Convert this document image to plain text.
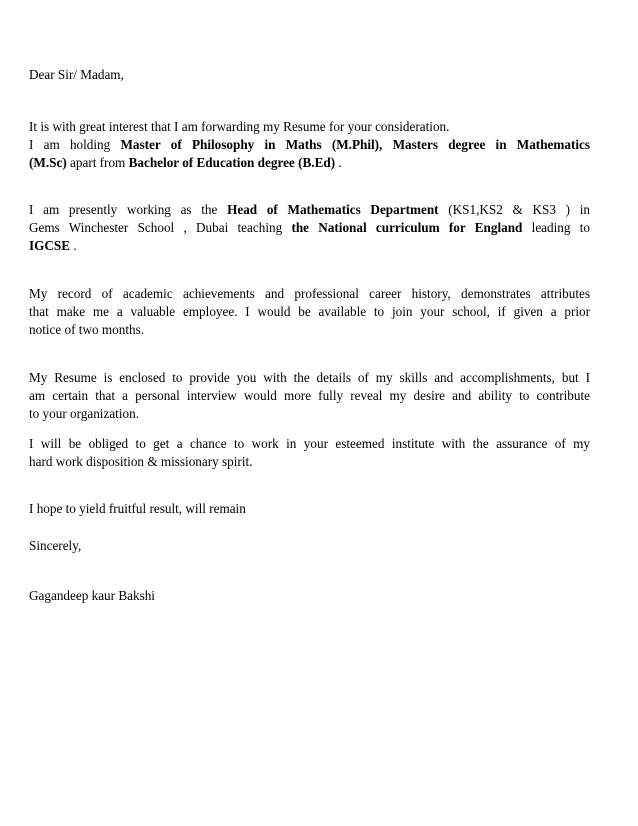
Dear Sir/ Madam,
It is with great interest that I am forwarding my Resume for your consideration.
I am holding Master of Philosophy in Maths (M.Phil), Masters degree in Mathematics
(M.Sc) apart from Bachelor of Education degree (B.Ed) .
I am presently working as the Head of Mathematics Department (KS1,KS2 & KS3 ) in
Gems Winchester School , Dubai teaching the National curriculum for England leading to
IGCSE .
My record of academic achievements and professional career history, demonstrates attributes
that make me a valuable employee. I would be available to join your school, if given a prior
notice of two months.
My Resume is enclosed to provide you with the details of my skills and accomplishments, but I
am certain that a personal interview would more fully reveal my desire and ability to contribute
to your organization.
I will be obliged to get a chance to work in your esteemed institute with the assurance of my
hard work disposition & missionary spirit.
I hope to yield fruitful result, will remain
Sincerely,
Gagandeep kaur Bakshi
